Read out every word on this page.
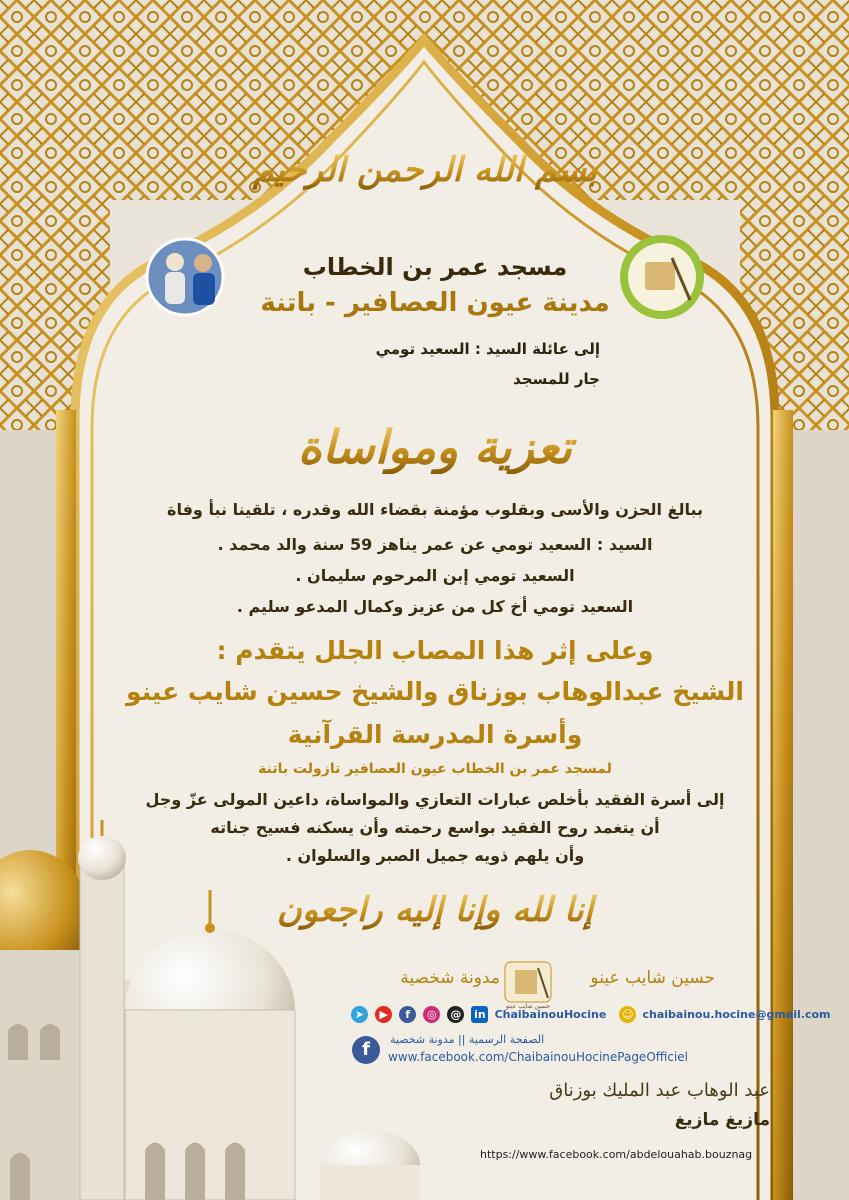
بسم الله الرحمن الرحيم
مسجد عمر بن الخطاب
مدينة عيون العصافير - باتنة
إلى عائلة السيد : السعيد تومي
جار للمسجد
تعزية ومواساة
ببالغ الحزن والأسى وبقلوب مؤمنة بقضاء الله وقدره ، تلقينا نبأ وفاة
السيد : السعيد تومي عن عمر يناهز 59 سنة والد محمد .
السعيد تومي إبن المرحوم سليمان .
السعيد تومي أخ كل من عزيز وكمال المدعو سليم .
وعلى إثر هذا المصاب الجلل يتقدم :
الشيخ عبدالوهاب بوزناق والشيخ حسين شايب عينو
وأسرة المدرسة القرآنية
لمسجد عمر بن الخطاب عيون العصافير تازولت باتنة
إلى أسرة الفقيد بأخلص عبارات التعازي والمواساة، داعين المولى عزّ وجل
أن يتغمد روح الفقيد بواسع رحمته وأن يسكنه فسيح جناته
وأن يلهم ذويه جميل الصبر والسلوان .
إنا لله وإنا إليه راجعون
حسين شايب عينو
مدونة شخصية
حسين شايب عينو
➤ ▶ f ◎ @ in ChaibainouHocine ☺ chaibainou.hocine@gmail.com
f	الصفحة الرسمية || مدونة شخصية
www.facebook.com/ChaibainouHocinePageOfficiel
عبد الوهاب عبد المليك بوزناق
مازيغ مازيغ
https://www.facebook.com/abdelouahab.bouznag
